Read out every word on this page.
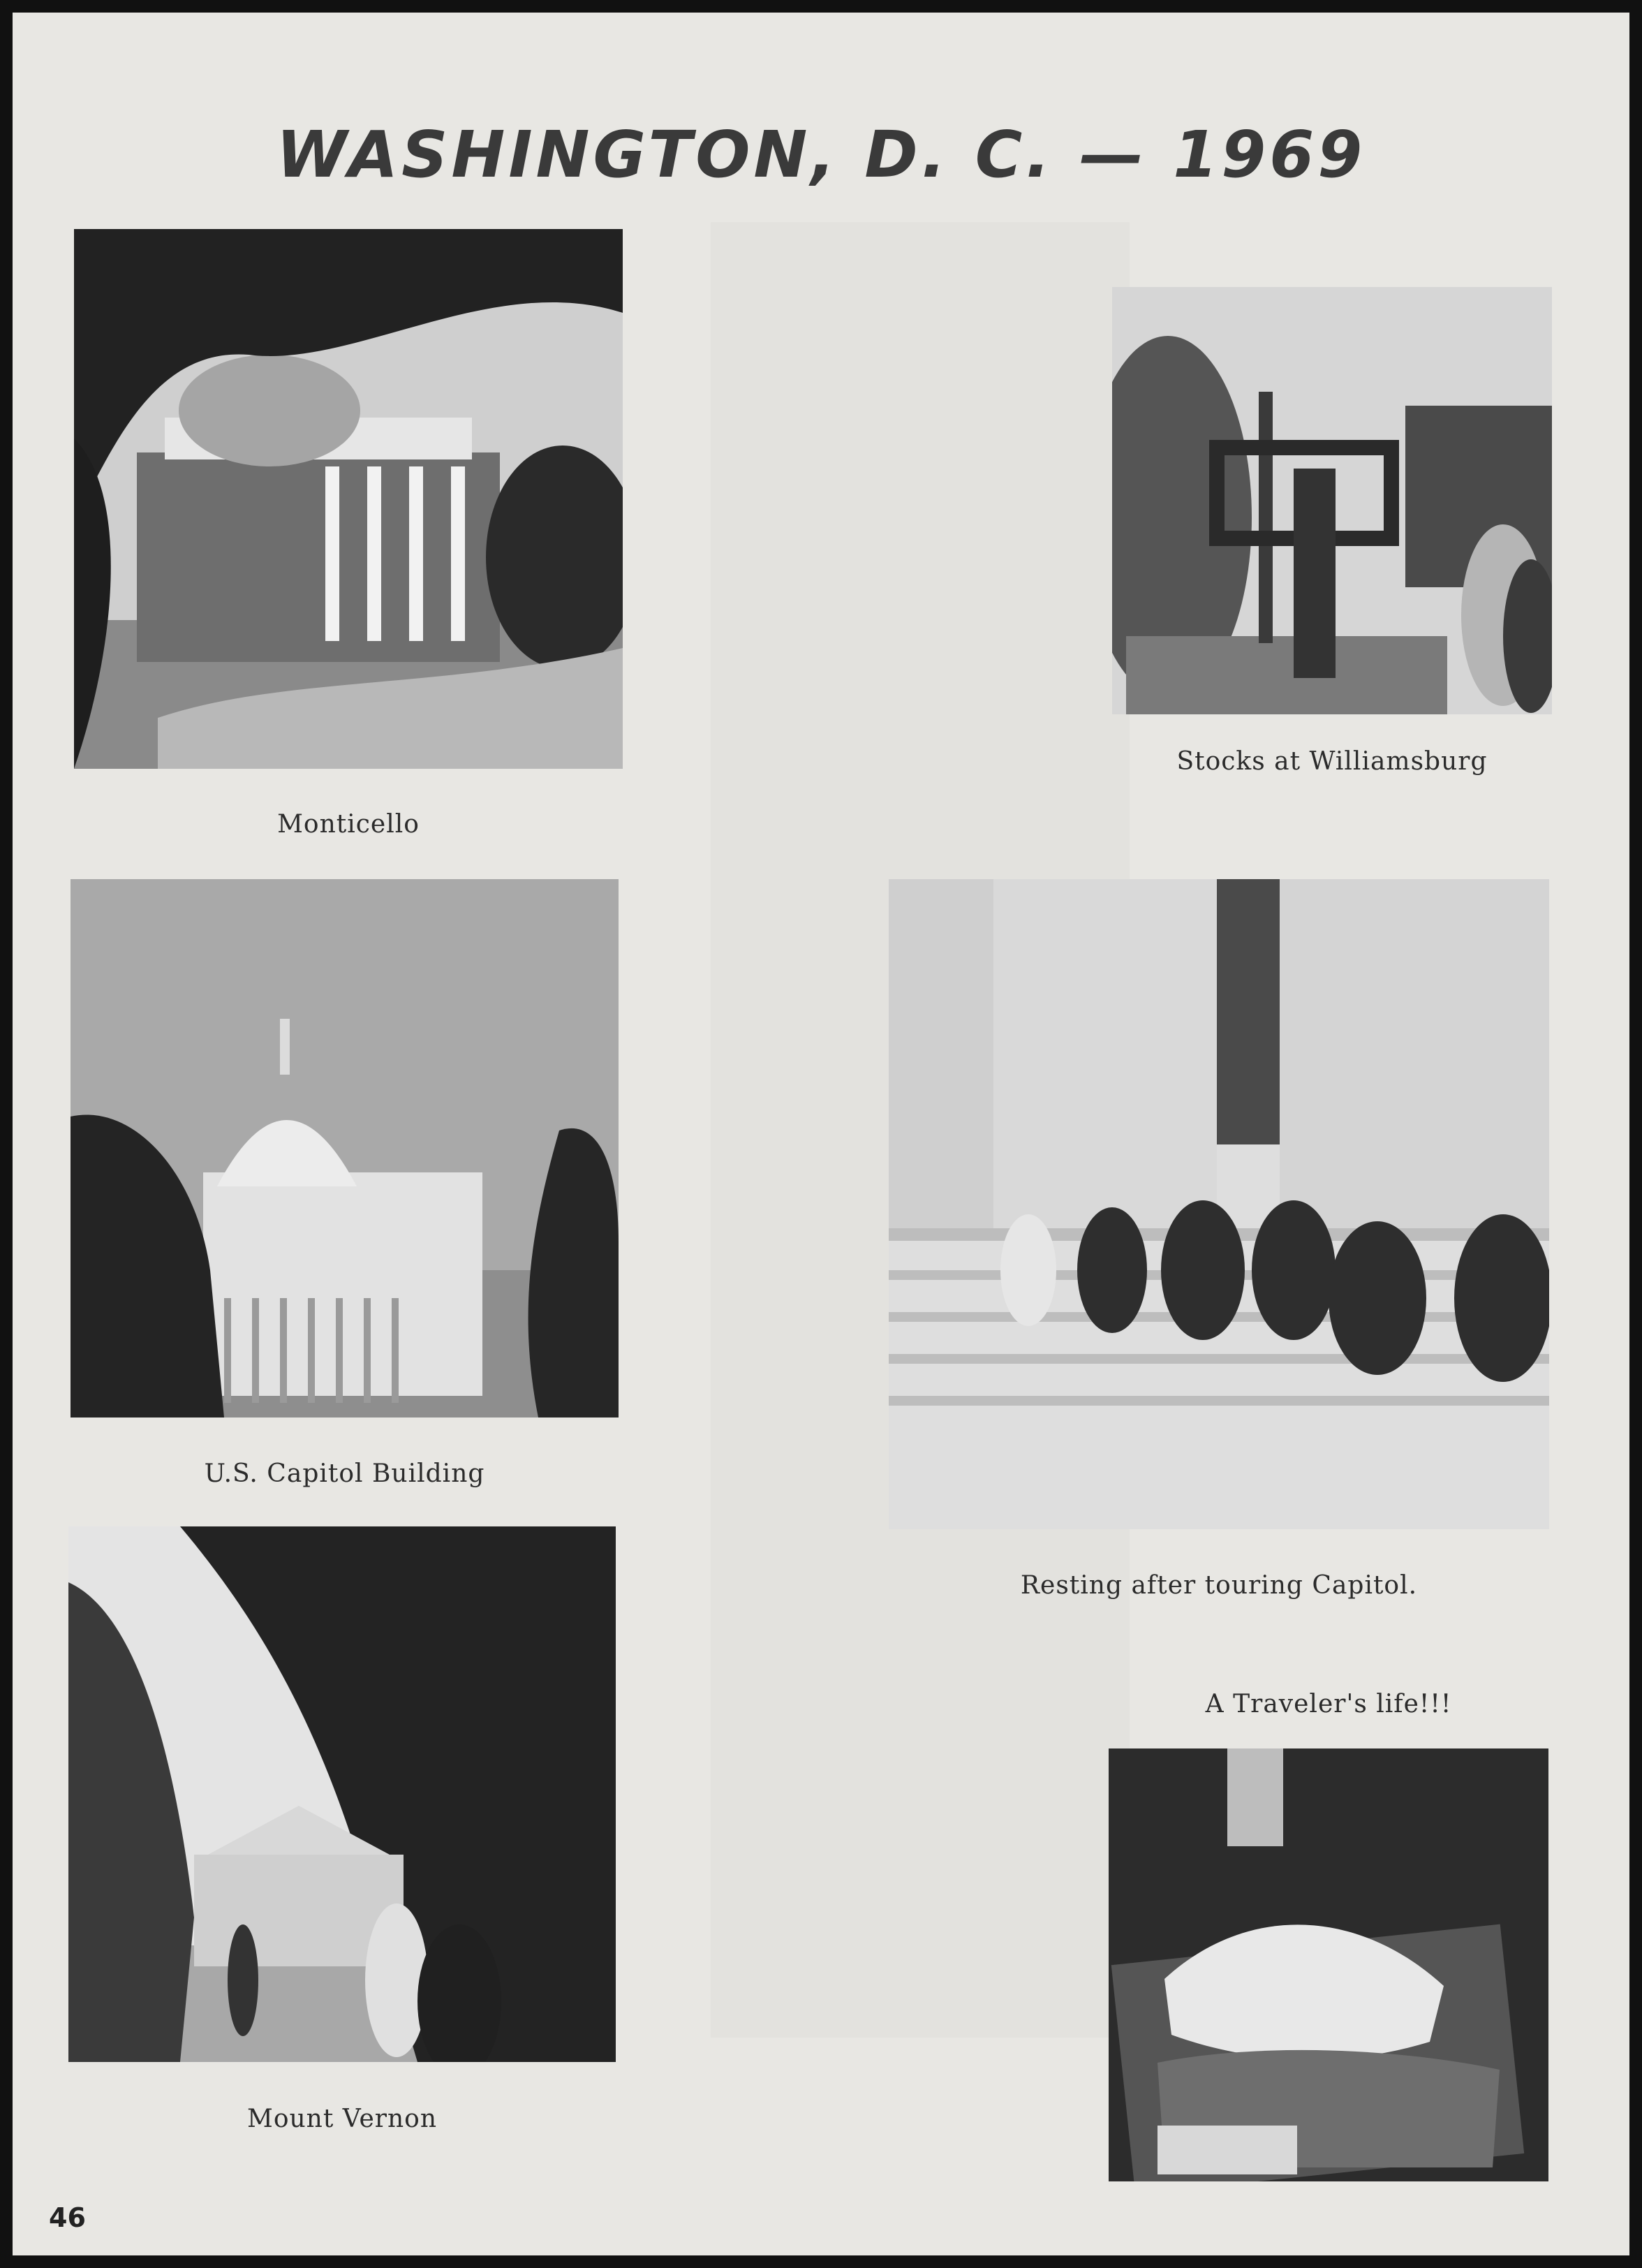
WASHINGTON, D. C. — 1969
Monticello
Stocks at Williamsburg
U.S. Capitol Building
Resting after touring Capitol.
Mount Vernon
A Traveler's life!!!
46
